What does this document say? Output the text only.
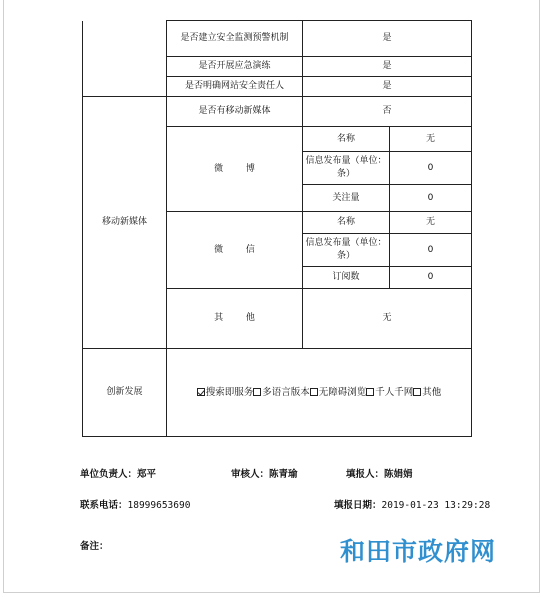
	是否建立安全监测预警机制	是	
	是否开展应急演练	是	
	是否明确网站安全责任人	是	
移动新媒体	是否有移动新媒体	否	
	微 博	名称	无
		信息发布量（单位：条）	0
		关注量	0
	微 信	名称	无
		信息发布量（单位：条）	0
		订阅数	0
	其 他	无	
创新发展	搜索即服务 多语言版本 无障碍浏览 千人千网 其他		
单位负责人：郑平	审核人：陈青瑜	填报人：陈娟娟
联系电话：18999653690	填报日期：2019-01-23 13:29:28
备注：	和田市政府网
